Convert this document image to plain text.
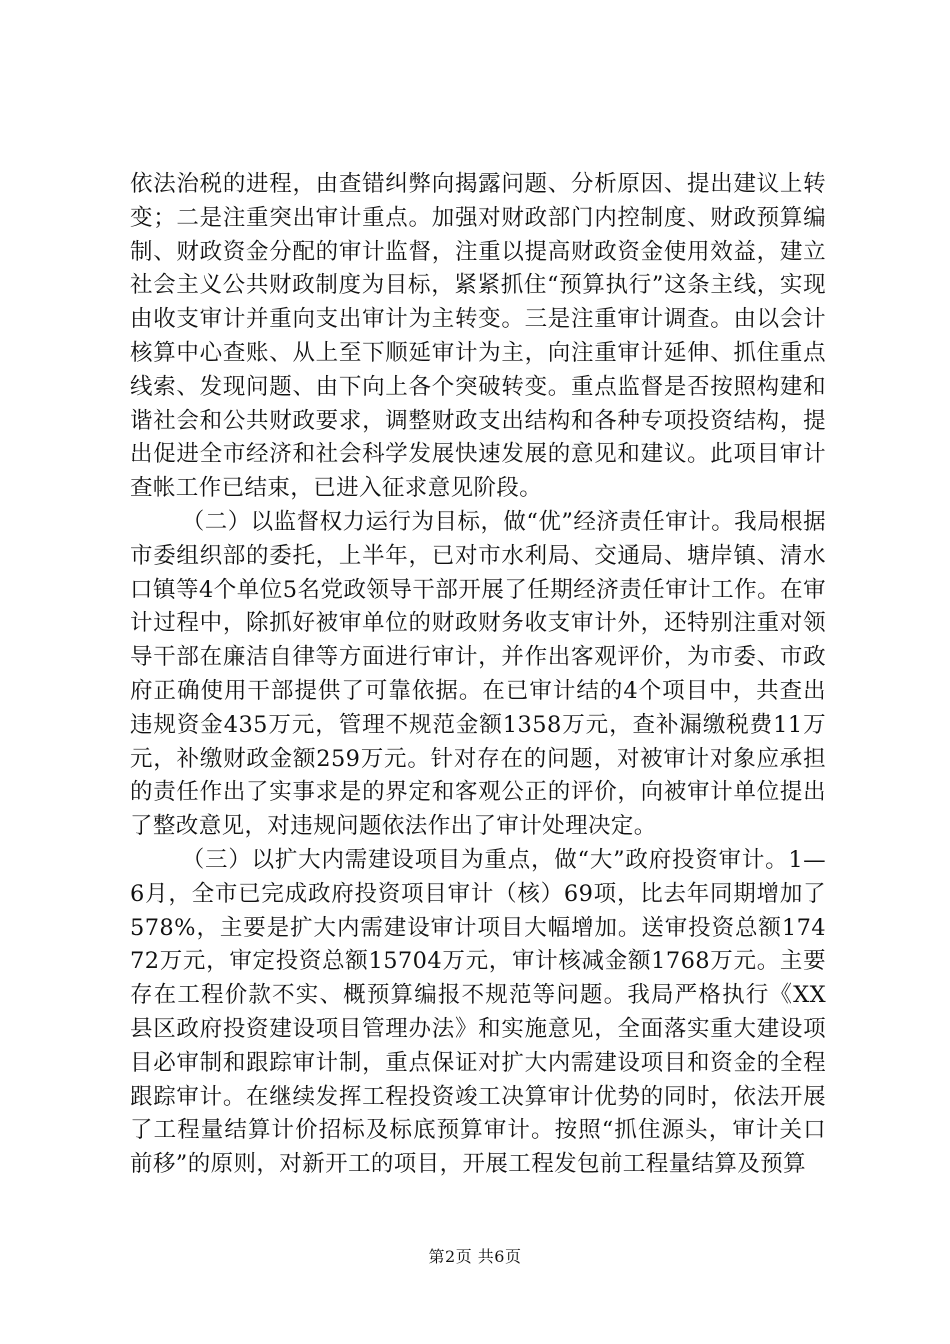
依法治税的进程，由查错纠弊向揭露问题、分析原因、提出建议上转变；二是注重突出审计重点。加强对财政部门内控制度、财政预算编制、财政资金分配的审计监督，注重以提高财政资金使用效益，建立社会主义公共财政制度为目标，紧紧抓住“预算执行”这条主线，实现由收支审计并重向支出审计为主转变。三是注重审计调查。由以会计核算中心查账、从上至下顺延审计为主，向注重审计延伸、抓住重点线索、发现问题、由下向上各个突破转变。重点监督是否按照构建和谐社会和公共财政要求，调整财政支出结构和各种专项投资结构，提出促进全市经济和社会科学发展快速发展的意见和建议。此项目审计查帐工作已结束，已进入征求意见阶段。

（二）以监督权力运行为目标，做“优”经济责任审计。我局根据市委组织部的委托，上半年，已对市水利局、交通局、塘岸镇、清水口镇等4个单位5名党政领导干部开展了任期经济责任审计工作。在审计过程中，除抓好被审单位的财政财务收支审计外，还特别注重对领导干部在廉洁自律等方面进行审计，并作出客观评价，为市委、市政府正确使用干部提供了可靠依据。在已审计结的4个项目中，共查出违规资金435万元，管理不规范金额1358万元，查补漏缴税费11万元，补缴财政金额259万元。针对存在的问题，对被审计对象应承担的责任作出了实事求是的界定和客观公正的评价，向被审计单位提出了整改意见，对违规问题依法作出了审计处理决定。

（三）以扩大内需建设项目为重点，做“大”政府投资审计。1—6月，全市已完成政府投资项目审计（核）69项，比去年同期增加了578%，主要是扩大内需建设审计项目大幅增加。送审投资总额17472万元，审定投资总额15704万元，审计核减金额1768万元。主要存在工程价款不实、概预算编报不规范等问题。我局严格执行《XX县区政府投资建设项目管理办法》和实施意见，全面落实重大建设项目必审制和跟踪审计制，重点保证对扩大内需建设项目和资金的全程跟踪审计。在继续发挥工程投资竣工决算审计优势的同时，依法开展了工程量结算计价招标及标底预算审计。按照“抓住源头，审计关口前移”的原则，对新开工的项目，开展工程发包前工程量结算及预算

第2页 共6页
